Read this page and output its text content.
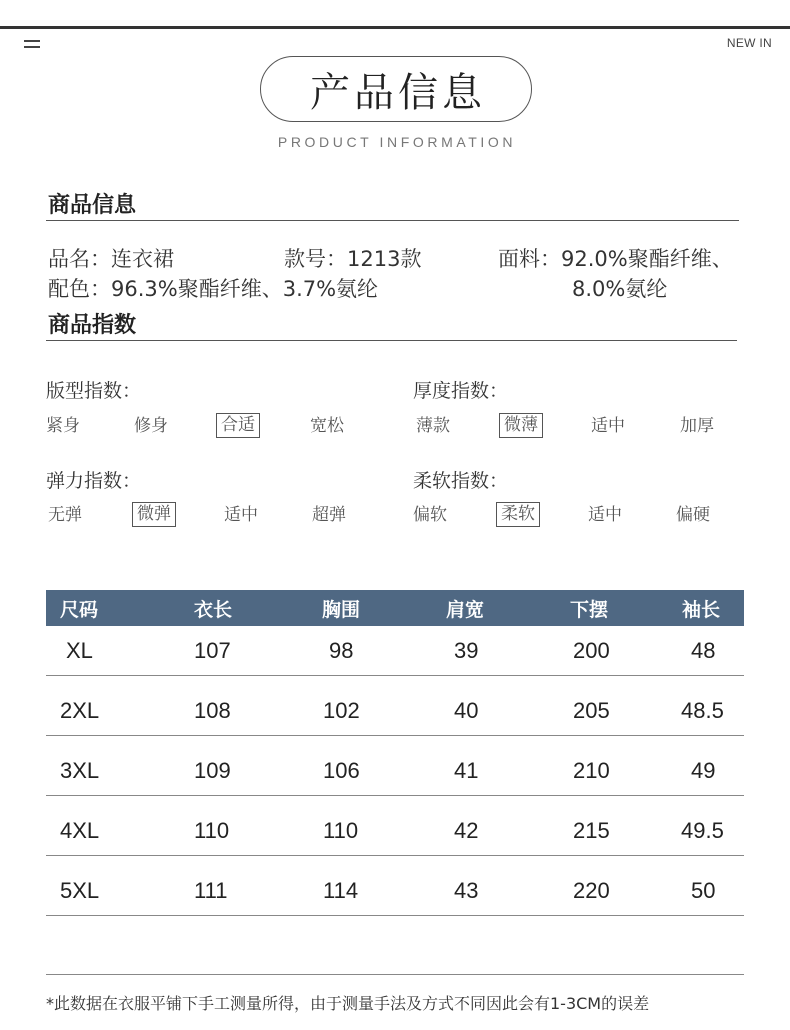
NEW IN
产品信息
PRODUCT INFORMATION
商品信息
品名：连衣裙	款号：1213款	面料：92.0%聚酯纤维、
配色：96.3%聚酯纤维、3.7%氨纶	8.0%氨纶
商品指数
版型指数：
紧身	修身	合适	宽松
厚度指数：
薄款	微薄	适中	加厚
弹力指数：
无弹	微弹	适中	超弹
柔软指数：
偏软	柔软	适中	偏硬
尺码	衣长	胸围	肩宽	下摆	袖长
XL	107	98	39	200	48
2XL	108	102	40	205	48.5
3XL	109	106	41	210	49
4XL	110	110	42	215	49.5
5XL	111	114	43	220	50
*此数据在衣服平铺下手工测量所得，由于测量手法及方式不同因此会有1-3CM的误差
